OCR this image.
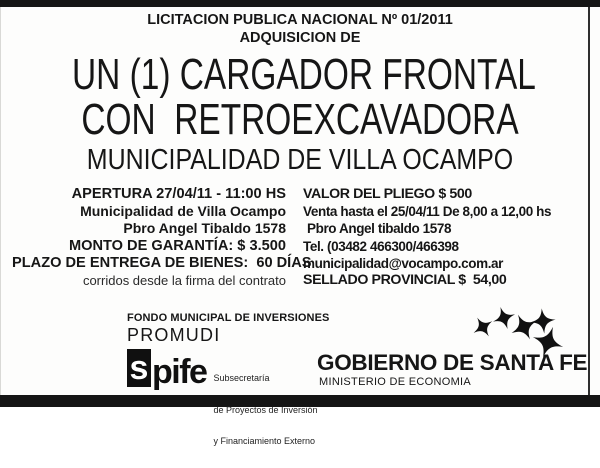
LICITACION PUBLICA NACIONAL Nº 01/2011
ADQUISICION DE
UN (1) CARGADOR FRONTAL
CON  RETROEXCAVADORA
MUNICIPALIDAD DE VILLA OCAMPO
APERTURA 27/04/11 - 11:00 HS
Municipalidad de Villa Ocampo
Pbro Angel Tibaldo 1578
MONTO DE GARANTÍA: $ 3.500
PLAZO DE ENTREGA DE BIENES:  60 DÍAS
corridos desde la firma del contrato
VALOR DEL PLIEGO $ 500
Venta hasta el 25/04/11 De 8,00 a 12,00 hs
Pbro Angel tibaldo 1578
Tel. (03482 466300/466398
municipalidad@vocampo.com.ar
SELLADO PROVINCIAL $  54,00
FONDO MUNICIPAL DE INVERSIONES
PROMUDI
s pife

Subsecretaría

de Proyectos de Inversión

y Financiamiento Externo

GOBIERNO DE SANTA FE
MINISTERIO DE ECONOMIA
